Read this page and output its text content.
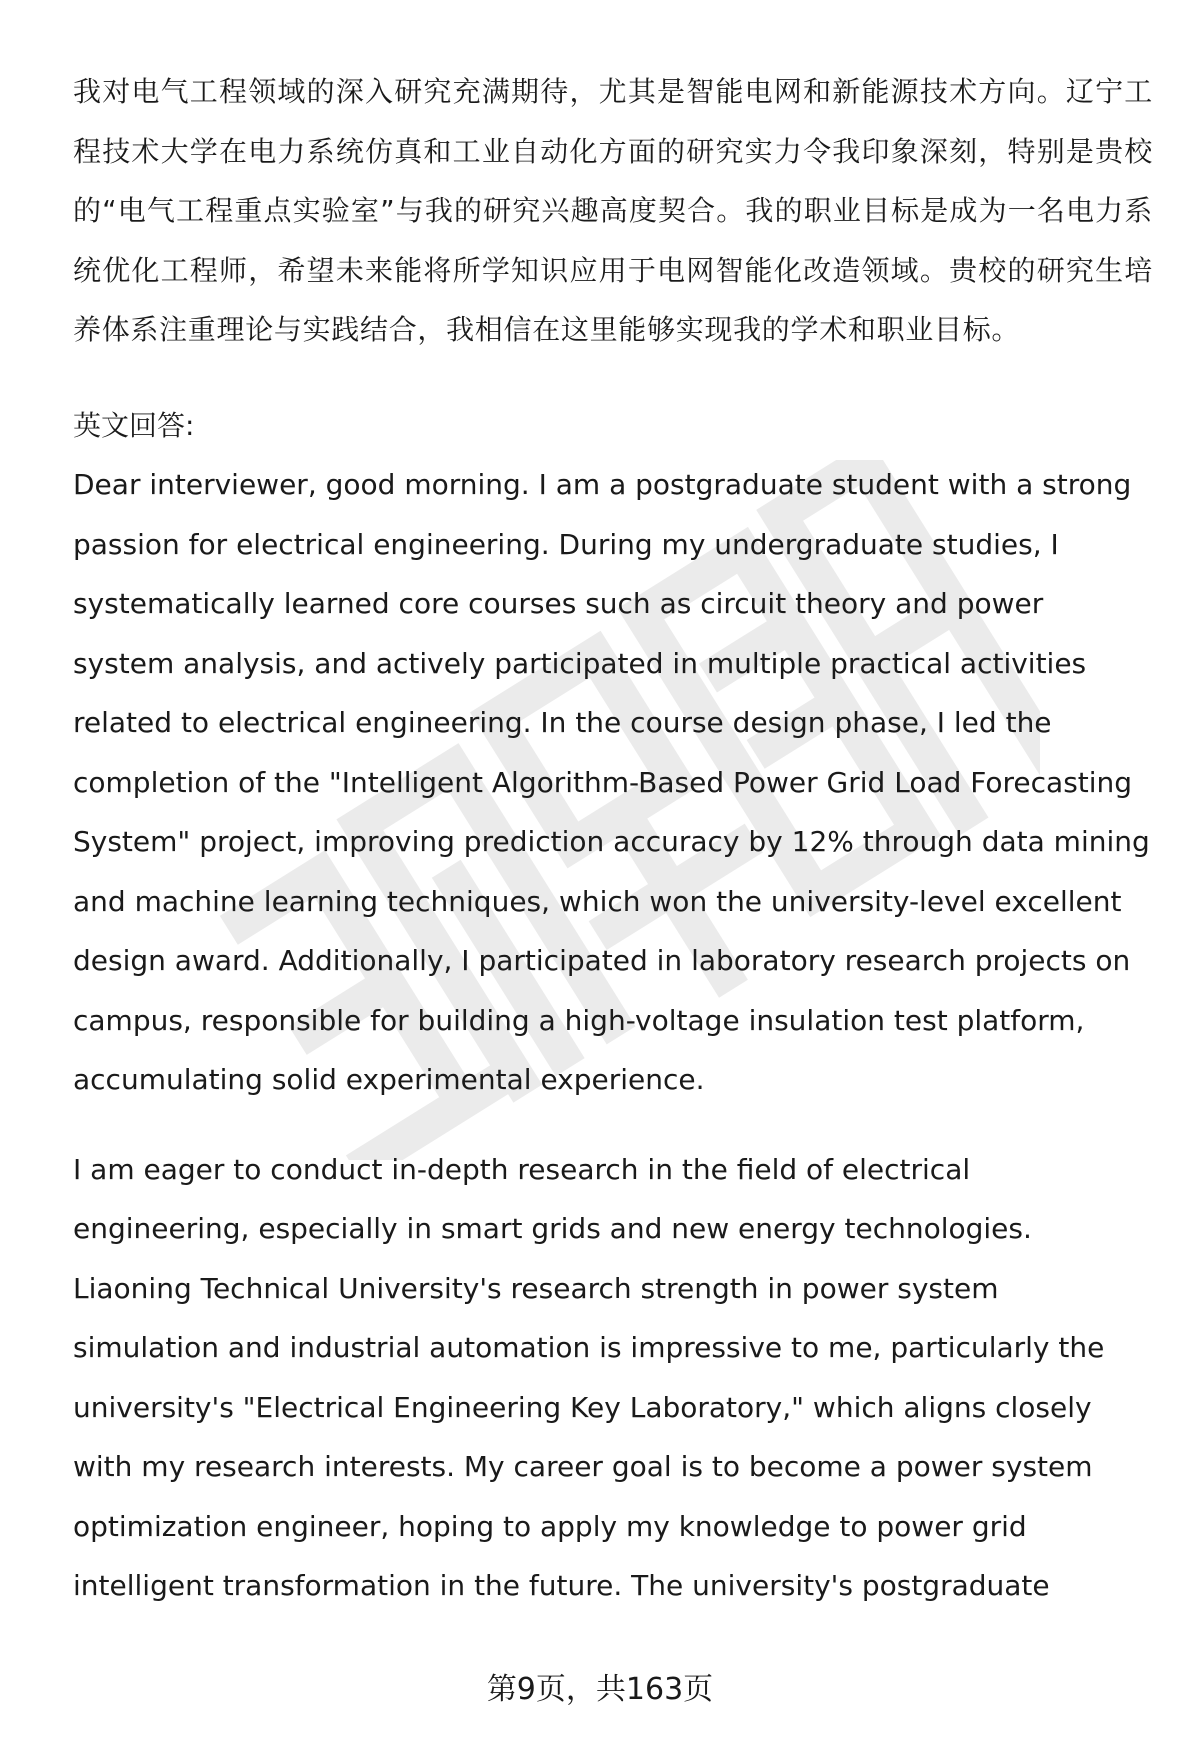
我对电气工程领域的深入研究充满期待，尤其是智能电网和新能源技术方向。辽宁工程技术大学在电力系统仿真和工业自动化方面的研究实力令我印象深刻，特别是贵校的“电气工程重点实验室”与我的研究兴趣高度契合。我的职业目标是成为一名电力系统优化工程师，希望未来能将所学知识应用于电网智能化改造领域。贵校的研究生培养体系注重理论与实践结合，我相信在这里能够实现我的学术和职业目标。

英文回答:

Dear interviewer, good morning. I am a postgraduate student with a strong passion for electrical engineering. During my undergraduate studies, I systematically learned core courses such as circuit theory and power system analysis, and actively participated in multiple practical activities related to electrical engineering. In the course design phase, I led the completion of the "Intelligent Algorithm-Based Power Grid Load Forecasting System" project, improving prediction accuracy by 12% through data mining and machine learning techniques, which won the university-level excellent design award. Additionally, I participated in laboratory research projects on campus, responsible for building a high-voltage insulation test platform, accumulating solid experimental experience.

I am eager to conduct in-depth research in the field of electrical engineering, especially in smart grids and new energy technologies. Liaoning Technical University's research strength in power system simulation and industrial automation is impressive to me, particularly the university's "Electrical Engineering Key Laboratory," which aligns closely with my research interests. My career goal is to become a power system optimization engineer, hoping to apply my knowledge to power grid intelligent transformation in the future. The university's postgraduate

第9页，共163页
